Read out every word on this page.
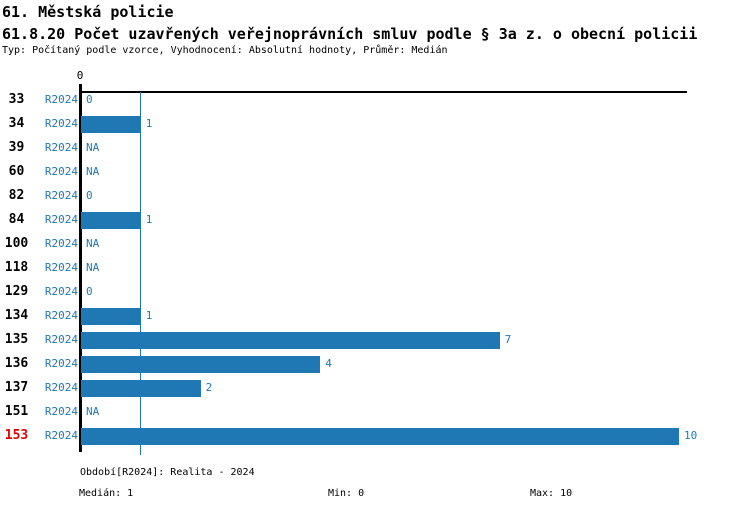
61. Městská policie
61.8.20 Počet uzavřených veřejnoprávních smluv podle § 3a z. o obecní policii
Typ: Počítaný podle vzorce, Vyhodnocení: Absolutní hodnoty, Průměr: Medián
0
33	R2024 0
34	R2024	1
39	R2024 NA
60	R2024 NA
82	R2024 0
84	R2024	1
100	R2024 NA
118	R2024 NA
129	R2024 0
134	R2024	1
135	R2024	7
136	R2024	4
137	R2024	2
151	R2024 NA
153	R2024	10
Období[R2024]: Realita - 2024
Medián: 1	Min: 0	Max: 10
